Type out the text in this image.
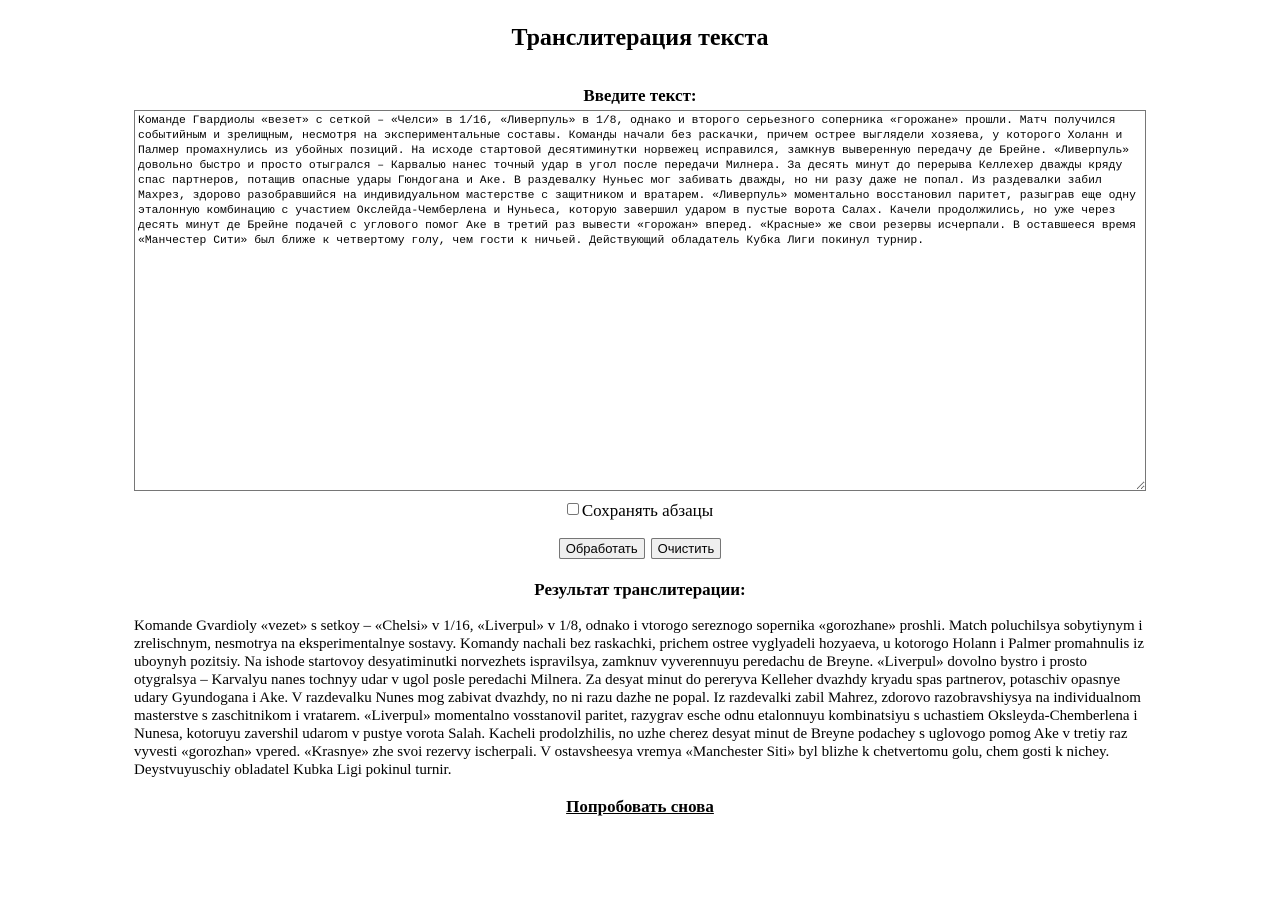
Транслитерация текста
Введите текст:
Команде Гвардиолы «везет» с сеткой – «Челси» в 1/16, «Ливерпуль» в 1/8, однако и второго серьезного соперника «горожане» прошли. Матч получился событийным и зрелищным, несмотря на экспериментальные составы. Команды начали без раскачки, причем острее выглядели хозяева, у которого Холанн и Палмер промахнулись из убойных позиций. На исходе стартовой десятиминутки норвежец исправился, замкнув выверенную передачу де Брейне. «Ливерпуль» довольно быстро и просто отыгрался – Карвалью нанес точный удар в угол после передачи Милнера. За десять минут до перерыва Келлехер дважды кряду спас партнеров, потащив опасные удары Гюндогана и Аке. В раздевалку Нуньес мог забивать дважды, но ни разу даже не попал. Из раздевалки забил Махрез, здорово разобравшийся на индивидуальном мастерстве с защитником и вратарем. «Ливерпуль» моментально восстановил паритет, разыграв еще одну эталонную комбинацию с участием Окслейда-Чемберлена и Нуньеса, которую завершил ударом в пустые ворота Салах. Качели продолжились, но уже через десять минут де Брейне подачей с углового помог Аке в третий раз вывести «горожан» вперед. «Красные» же свои резервы исчерпали. В оставшееся время «Манчестер Сити» был ближе к четвертому голу, чем гости к ничьей. Действующий обладатель Кубка Лиги покинул турнир.
Сохранять абзацы
Обработать Очистить
Результат транслитерации:
Komande Gvardioly «vezet» s setkoy – «Chelsi» v 1/16, «Liverpul» v 1/8, odnako i vtorogo sereznogo sopernika «gorozhane» proshli. Match poluchilsya sobytiynym i zrelischnym, nesmotrya na eksperimentalnye sostavy. Komandy nachali bez raskachki, prichem ostree vyglyadeli hozyaeva, u kotorogo Holann i Palmer promahnulis iz uboynyh pozitsiy. Na ishode startovoy desyatiminutki norvezhets ispravilsya, zamknuv vyverennuyu peredachu de Breyne. «Liverpul» dovolno bystro i prosto otygralsya – Karvalyu nanes tochnyy udar v ugol posle peredachi Milnera. Za desyat minut do pereryva Kelleher dvazhdy kryadu spas partnerov, potaschiv opasnye udary Gyundogana i Ake. V razdevalku Nunes mog zabivat dvazhdy, no ni razu dazhe ne popal. Iz razdevalki zabil Mahrez, zdorovo razobravshiysya na individualnom masterstve s zaschitnikom i vratarem. «Liverpul» momentalno vosstanovil paritet, razygrav esche odnu etalonnuyu kombinatsiyu s uchastiem Oksleyda-Chemberlena i Nunesa, kotoruyu zavershil udarom v pustye vorota Salah. Kacheli prodolzhilis, no uzhe cherez desyat minut de Breyne podachey s uglovogo pomog Ake v tretiy raz vyvesti «gorozhan» vpered. «Krasnye» zhe svoi rezervy ischerpali. V ostavsheesya vremya «Manchester Siti» byl blizhe k chetvertomu golu, chem gosti k nichey. Deystvuyuschiy obladatel Kubka Ligi pokinul turnir.
Попробовать снова
